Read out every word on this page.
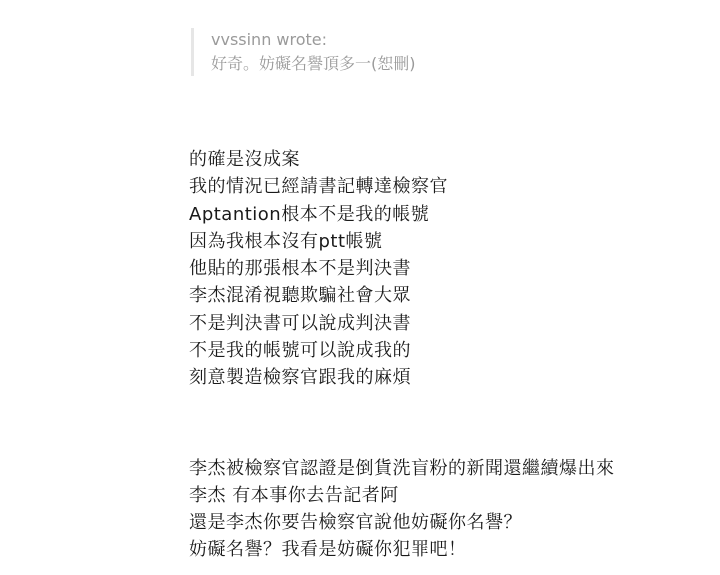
vvssinn wrote:
好奇。妨礙名譽頂多一(恕刪)
的確是沒成案
我的情況已經請書記轉達檢察官
Aptantion根本不是我的帳號
因為我根本沒有ptt帳號
他貼的那張根本不是判決書
李杰混淆視聽欺騙社會大眾
不是判決書可以說成判決書
不是我的帳號可以說成我的
刻意製造檢察官跟我的麻煩
李杰被檢察官認證是倒貨洗盲粉的新聞還繼續爆出來
李杰 有本事你去告記者阿
還是李杰你要告檢察官說他妨礙你名譽？
妨礙名譽？我看是妨礙你犯罪吧！
